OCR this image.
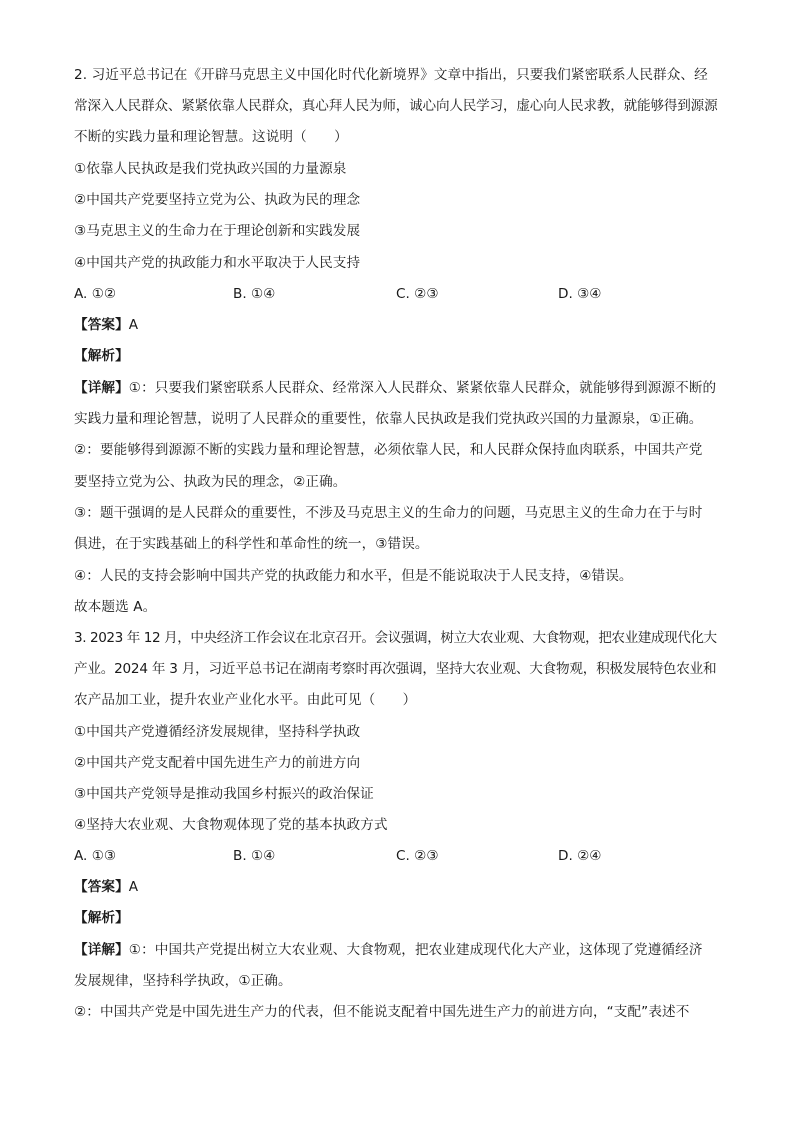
2. 习近平总书记在《开辟马克思主义中国化时代化新境界》文章中指出，只要我们紧密联系人民群众、经

常深入人民群众、紧紧依靠人民群众，真心拜人民为师，诚心向人民学习，虚心向人民求教，就能够得到源源

不断的实践力量和理论智慧。这说明（　　）

①依靠人民执政是我们党执政兴国的力量源泉

②中国共产党要坚持立党为公、执政为民的理念

③马克思主义的生命力在于理论创新和实践发展

④中国共产党的执政能力和水平取决于人民支持

A. ①②	B. ①④	C. ②③	D. ③④

【答案】A

【解析】

【详解】①：只要我们紧密联系人民群众、经常深入人民群众、紧紧依靠人民群众，就能够得到源源不断的

实践力量和理论智慧，说明了人民群众的重要性，依靠人民执政是我们党执政兴国的力量源泉，①正确。

②：要能够得到源源不断的实践力量和理论智慧，必须依靠人民，和人民群众保持血肉联系，中国共产党

要坚持立党为公、执政为民的理念，②正确。

③：题干强调的是人民群众的重要性，不涉及马克思主义的生命力的问题，马克思主义的生命力在于与时

俱进，在于实践基础上的科学性和革命性的统一，③错误。

④：人民的支持会影响中国共产党的执政能力和水平，但是不能说取决于人民支持，④错误。

故本题选 A。

3. 2023 年 12 月，中央经济工作会议在北京召开。会议强调，树立大农业观、大食物观，把农业建成现代化大

产业。2024 年 3 月，习近平总书记在湖南考察时再次强调，坚持大农业观、大食物观，积极发展特色农业和

农产品加工业，提升农业产业化水平。由此可见（　　）

①中国共产党遵循经济发展规律，坚持科学执政

②中国共产党支配着中国先进生产力的前进方向

③中国共产党领导是推动我国乡村振兴的政治保证

④坚持大农业观、大食物观体现了党的基本执政方式

A. ①③	B. ①④	C. ②③	D. ②④

【答案】A

【解析】

【详解】①：中国共产党提出树立大农业观、大食物观，把农业建成现代化大产业，这体现了党遵循经济

发展规律，坚持科学执政，①正确。

②：中国共产党是中国先进生产力的代表，但不能说支配着中国先进生产力的前进方向，“支配”表述不
